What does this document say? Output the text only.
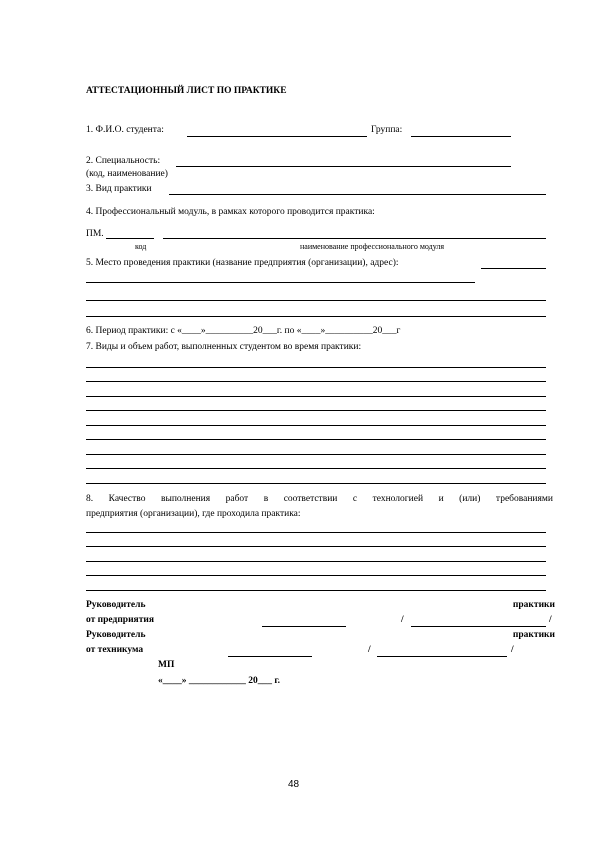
АТТЕСТАЦИОННЫЙ ЛИСТ ПО ПРАКТИКЕ
1. Ф.И.О. студента:	Группа:
2. Специальность:
(код, наименование)
3. Вид практики
4. Профессиональный модуль, в рамках которого проводится практика:
ПМ.
код	наименование профессионального модуля
5. Место проведения практики (название предприятия (организации), адрес):
6. Период практики: с «____»__________20___г. по «____»__________20___г
7. Виды и объем работ, выполненных студентом во время практики:
8. Качество выполнения работ в соответствии с технологией и (или) требованиями
предприятия (организации), где проходила практика:
Руководитель	практики
от предприятия	/	/
Руководитель	практики
от техникума	/	/
МП
«____» ____________ 20___ г.
48
